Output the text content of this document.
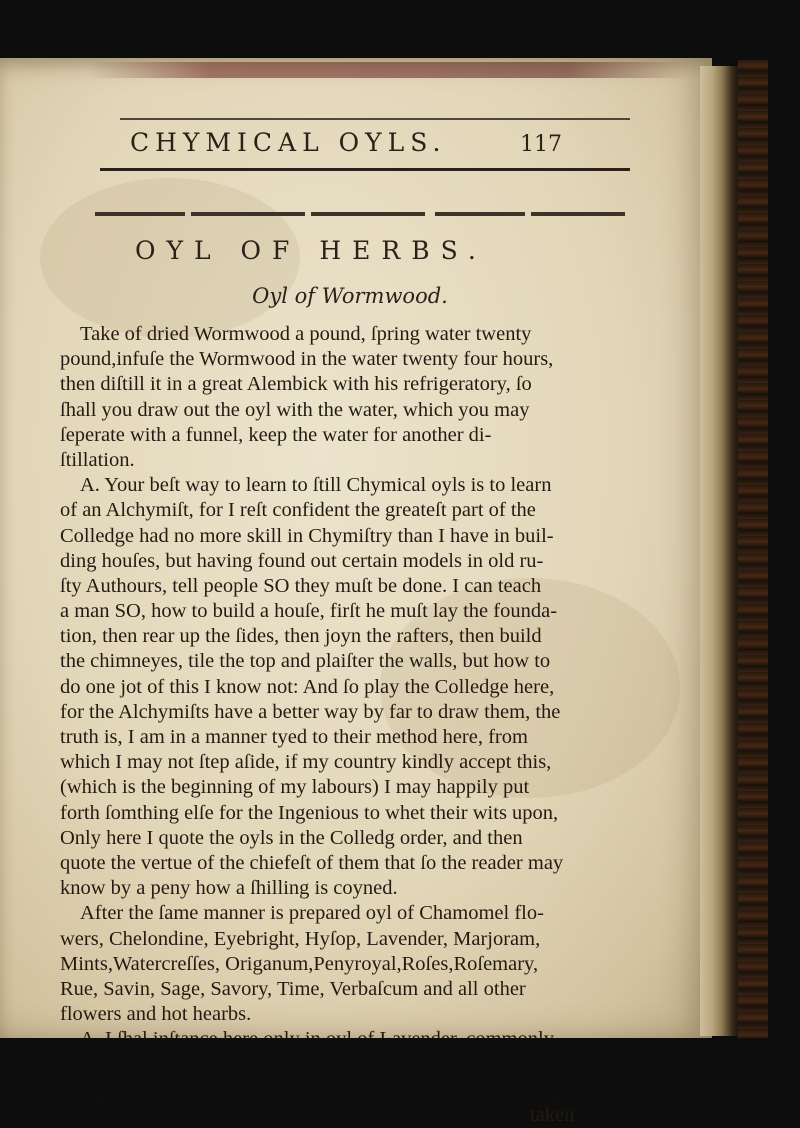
CHYMICAL OYLS.	117
OYL OF HERBS.
Oyl of Wormwood.
Take of dried Wormwood a pound, ſpring water twenty
pound,infuſe the Wormwood in the water twenty four hours,
then diſtill it in a great Alembick with his refrigeratory, ſo
ſhall you draw out the oyl with the water, which you may
ſeperate with a funnel, keep the water for another di-
ſtillation.
A. Your beſt way to learn to ſtill Chymical oyls is to learn
of an Alchymiſt, for I reſt confident the greateſt part of the
Colledge had no more skill in Chymiſtry than I have in buil-
ding houſes, but having found out certain models in old ru-
ſty Authours, tell people SO they muſt be done. I can teach
a man SO, how to build a houſe, firſt he muſt lay the founda-
tion, then rear up the ſides, then joyn the rafters, then build
the chimneyes, tile the top and plaiſter the walls, but how to
do one jot of this I know not: And ſo play the Colledge here,
for the Alchymiſts have a better way by far to draw them, the
truth is, I am in a manner tyed to their method here, from
which I may not ſtep aſide, if my country kindly accept this,
(which is the beginning of my labours) I may happily put
forth ſomthing elſe for the Ingenious to whet their wits upon,
Only here I quote the oyls in the Colledg order, and then
quote the vertue of the chiefeſt of them that ſo the reader may
know by a peny how a ſhilling is coyned.
After the ſame manner is prepared oyl of Chamomel flo-
wers, Chelondine, Eyebright, Hyſop, Lavender, Marjoram,
Mints,Watercreſſes, Origanum,Penyroyal,Roſes,Roſemary,
Rue, Savin, Sage, Savory, Time, Verbaſcum and all other
flowers and hot hearbs.
taken
